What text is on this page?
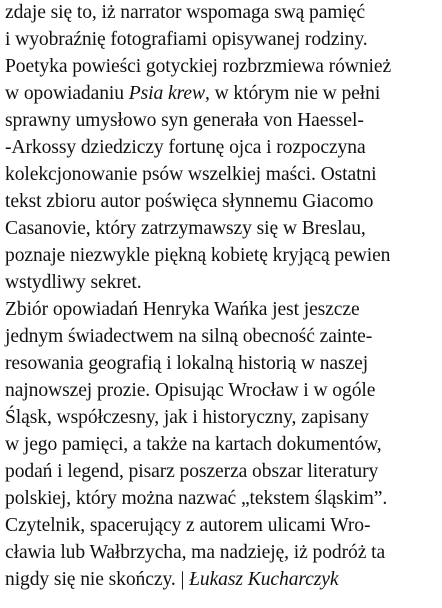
zdaje się to, iż narrator wspomaga swą pamięć
i wyobraźnię fotografiami opisywanej rodziny.
Poetyka powieści gotyckiej rozbrzmiewa również
w opowiadaniu Psia krew, w którym nie w pełni
sprawny umysłowo syn generała von Haessel-
-Arkossy dziedziczy fortunę ojca i rozpoczyna
kolekcjonowanie psów wszelkiej maści. Ostatni
tekst zbioru autor poświęca słynnemu Giacomo
Casanovie, który zatrzymawszy się w Breslau,
poznaje niezwykle piękną kobietę kryjącą pewien
wstydliwy sekret.
Zbiór opowiadań Henryka Wańka jest jeszcze
jednym świadectwem na silną obecność zainte-
resowania geografią i lokalną historią w naszej
najnowszej prozie. Opisując Wrocław i w ogóle
Śląsk, współczesny, jak i historyczny, zapisany
w jego pamięci, a także na kartach dokumentów,
podań i legend, pisarz poszerza obszar literatury
polskiej, który można nazwać „tekstem śląskim”.
Czytelnik, spacerujący z autorem ulicami Wro-
cławia lub Wałbrzycha, ma nadzieję, iż podróż ta
nigdy się nie skończy. | Łukasz Kucharczyk
